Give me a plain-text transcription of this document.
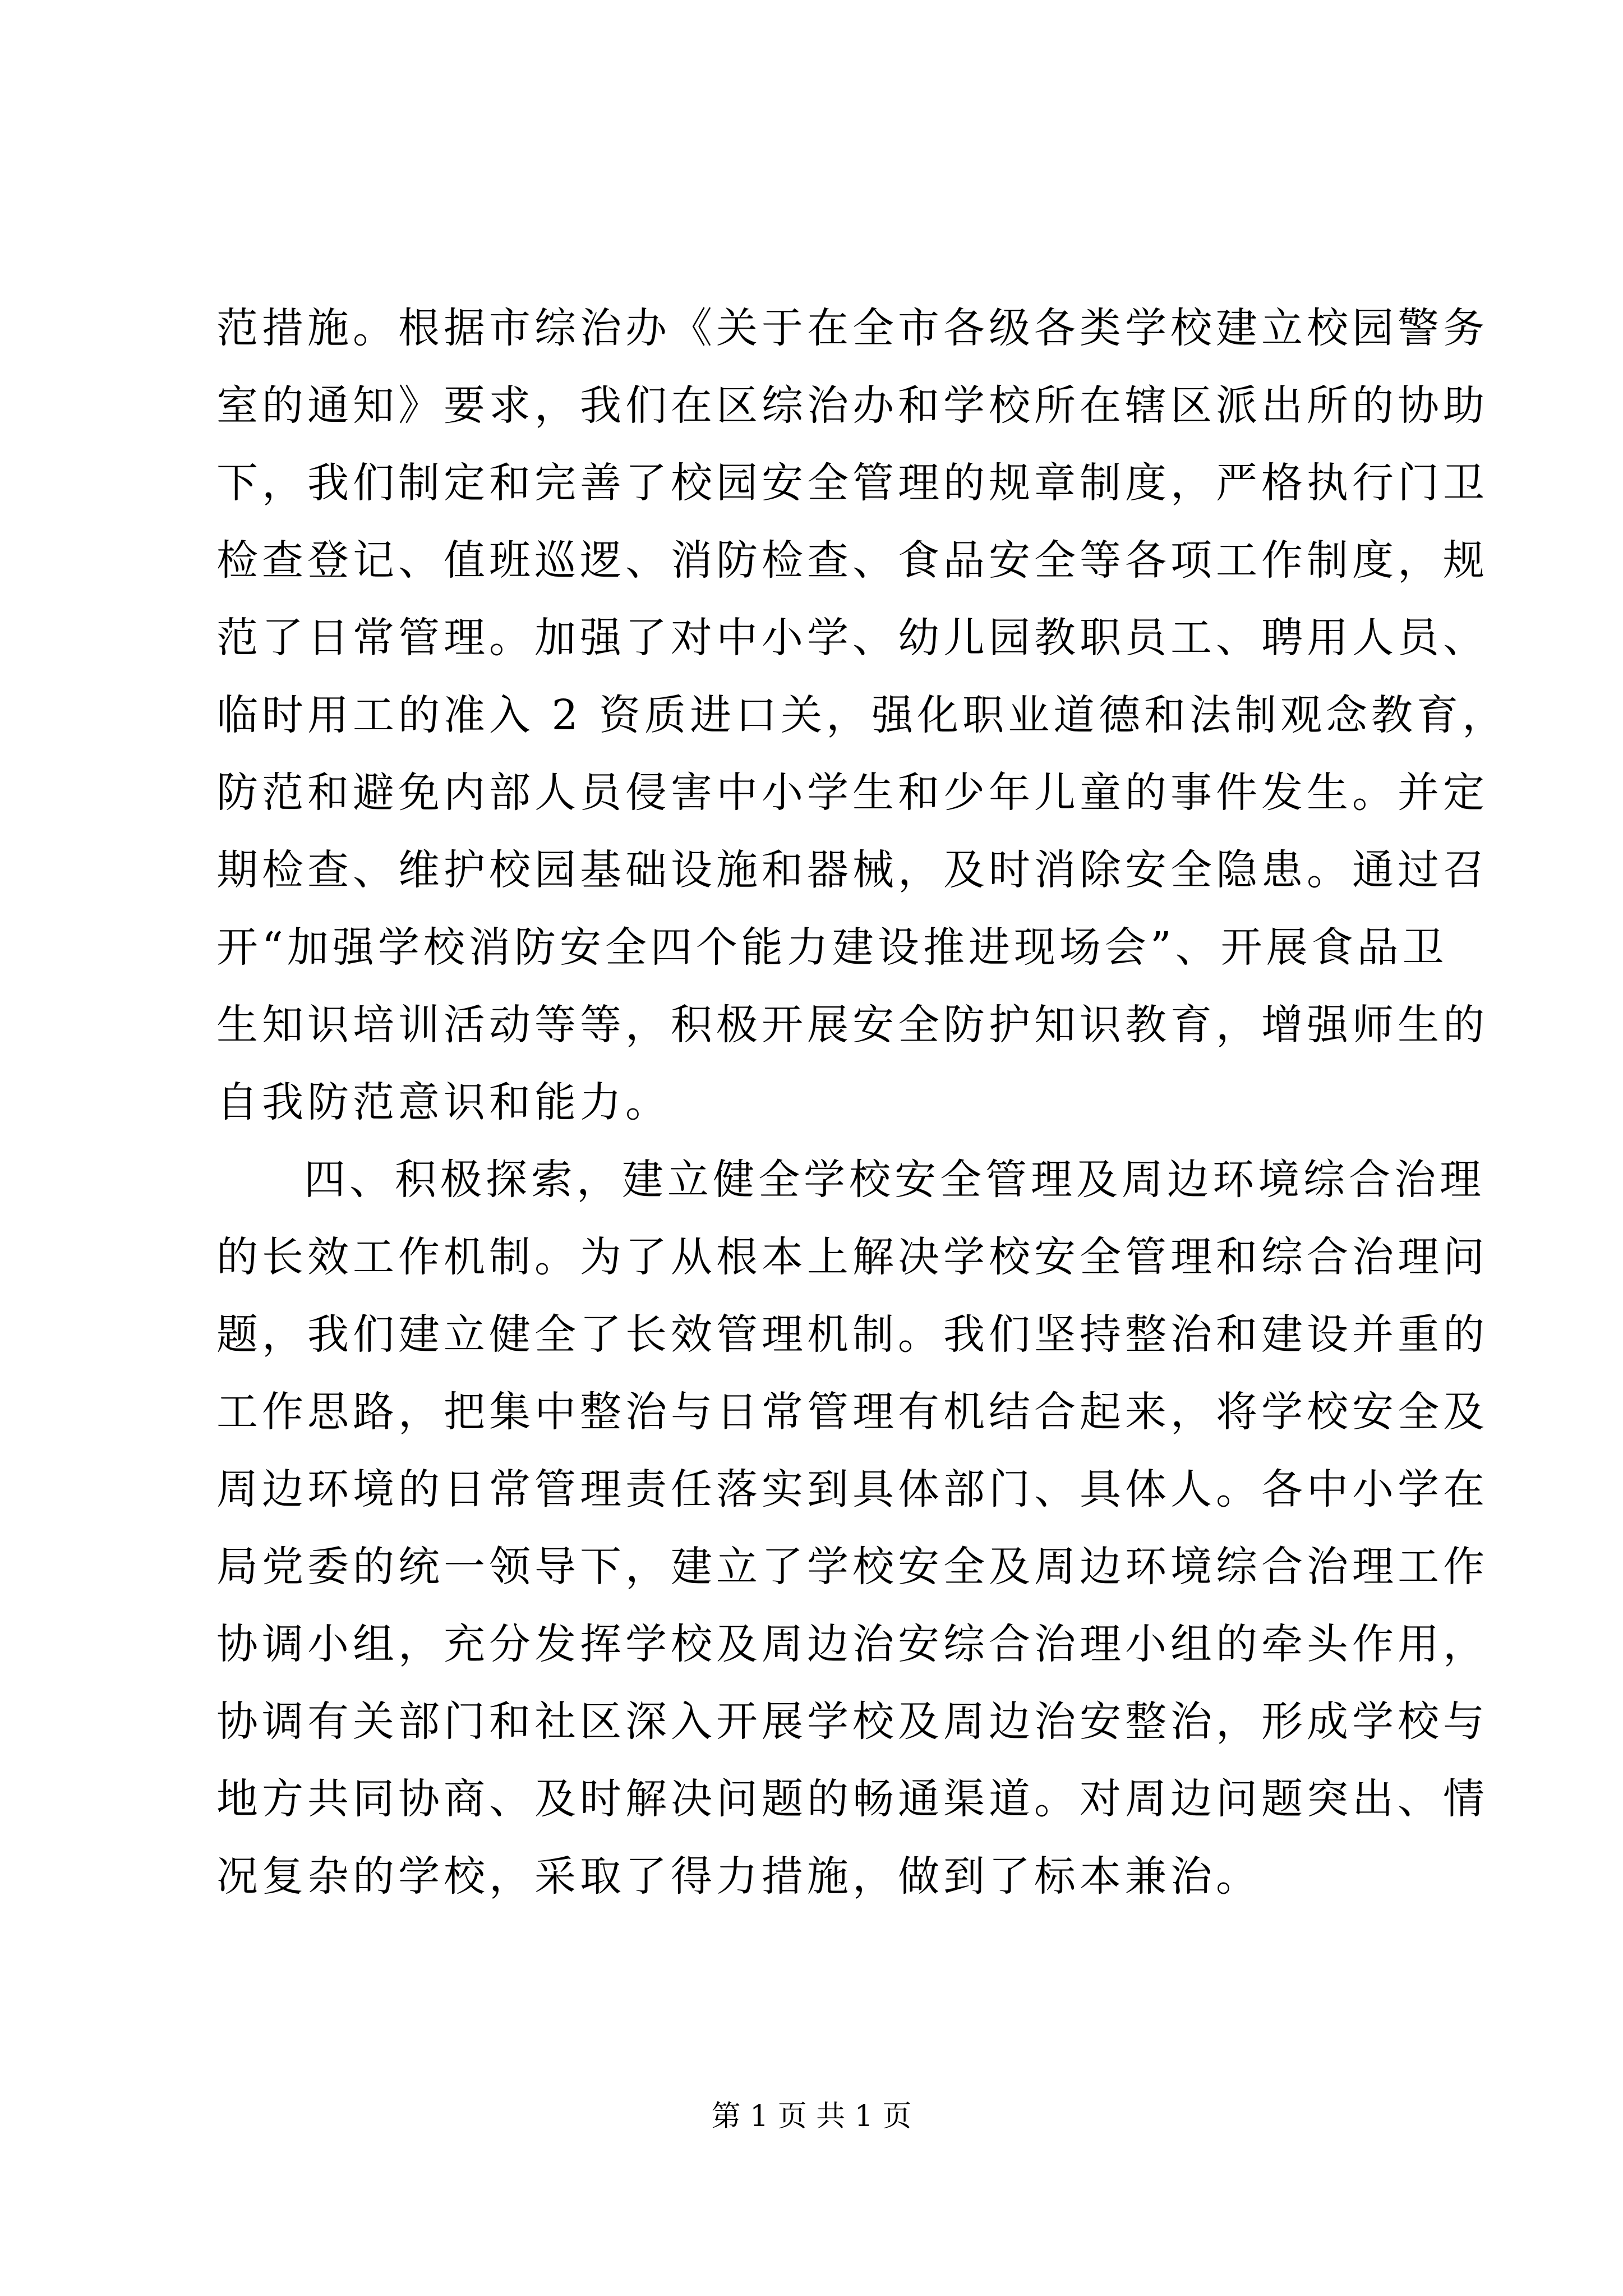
范措施。根据市综治办《关于在全市各级各类学校建立校园警务
室的通知》要求，我们在区综治办和学校所在辖区派出所的协助
下，我们制定和完善了校园安全管理的规章制度，严格执行门卫
检查登记、值班巡逻、消防检查、食品安全等各项工作制度，规
范了日常管理。加强了对中小学、幼儿园教职员工、聘用人员、
临时用工的准入 2 资质进口关，强化职业道德和法制观念教育，
防范和避免内部人员侵害中小学生和少年儿童的事件发生。并定
期检查、维护校园基础设施和器械，及时消除安全隐患。通过召
开“加强学校消防安全四个能力建设推进现场会”、开展食品卫
生知识培训活动等等，积极开展安全防护知识教育，增强师生的
自我防范意识和能力。
四、积极探索，建立健全学校安全管理及周边环境综合治理
的长效工作机制。为了从根本上解决学校安全管理和综合治理问
题，我们建立健全了长效管理机制。我们坚持整治和建设并重的
工作思路，把集中整治与日常管理有机结合起来，将学校安全及
周边环境的日常管理责任落实到具体部门、具体人。各中小学在
局党委的统一领导下，建立了学校安全及周边环境综合治理工作
协调小组，充分发挥学校及周边治安综合治理小组的牵头作用，
协调有关部门和社区深入开展学校及周边治安整治，形成学校与
地方共同协商、及时解决问题的畅通渠道。对周边问题突出、情
况复杂的学校，采取了得力措施，做到了标本兼治。
第 1 页 共 1 页
